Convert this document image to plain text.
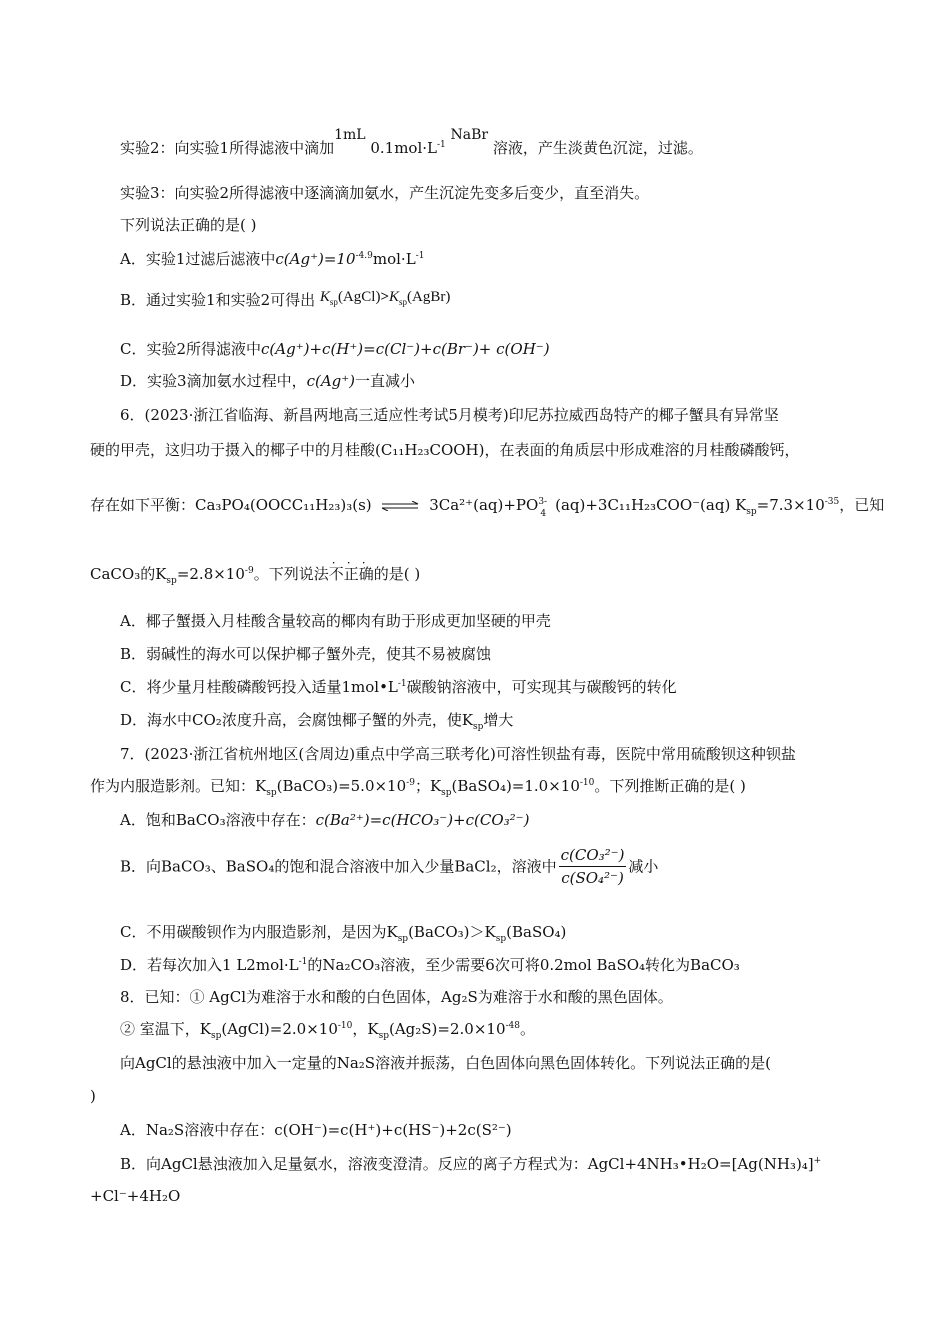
实验2：向实验1所得滤液中滴加1mL $0.1mol\cdot L^{-1}$ NaBr 溶液，产生淡黄色沉淀，过滤。
实验3：向实验2所得滤液中逐滴滴加氨水，产生沉淀先变多后变少，直至消失。
下列说法正确的是( )
A．实验1过滤后滤液中$c(Ag^+)=10^{-4.9}mol\cdot L^{-1}$
B．通过实验1和实验2可得出 $K_{sp}(AgCl)>K_{sp}(AgBr)$
C．实验2所得滤液中c(Ag⁺)+c(H⁺)=c(Cl⁻)+c(Br⁻)+ c(OH⁻)
D．实验3滴加氨水过程中，c(Ag⁺)一直减小
6．(2023·浙江省临海、新昌两地高三适应性考试5月模考)印尼苏拉威西岛特产的椰子蟹具有异常坚
硬的甲壳，这归功于摄入的椰子中的月桂酸(C₁₁H₂₃COOH)，在表面的角质层中形成难溶的月桂酸磷酸钙，
存在如下平衡：Ca₃PO₄(OOCC₁₁H₂₃)₃(s) ⇌ 3Ca²⁺(aq)+PO 3-
4 (aq)+3C₁₁H₂₃COO⁻(aq) $K_{sp}=7.3\times 10^{-35}$，已知
CaCO₃的$K_{sp}=2.8\times 10^{-9}$。下列说法不正确的是( )
A．椰子蟹摄入月桂酸含量较高的椰肉有助于形成更加坚硬的甲壳
B．弱碱性的海水可以保护椰子蟹外壳，使其不易被腐蚀
C．将少量月桂酸磷酸钙投入适量$1mol•L^{-1}$碳酸钠溶液中，可实现其与碳酸钙的转化
D．海水中CO₂浓度升高，会腐蚀椰子蟹的外壳，使$K_{sp}$增大
7．(2023·浙江省杭州地区(含周边)重点中学高三联考化)可溶性钡盐有毒，医院中常用硫酸钡这种钡盐
作为内服造影剂。已知：$K_{sp}(BaCO_3)=5.0\times 10^{-9}$；$K_{sp}(BaSO_4)=1.0\times 10^{-10}$。下列推断正确的是( )
A．饱和BaCO₃溶液中存在：c(Ba²⁺)=c(HCO₃⁻)+c(CO₃²⁻)
B．向BaCO₃、BaSO₄的饱和混合溶液中加入少量BaCl₂，溶液中 $\frac{\text{c(CO₃²⁻)}}{\text{c(SO₄²⁻)}}$ 减小
C．不用碳酸钡作为内服造影剂，是因为$K_{sp}(BaCO_3)>K_{sp}(BaSO_4)$
D．若每次加入1 $L2mol\cdot L^{-1}$的Na₂CO₃溶液，至少需要6次可将0.2mol BaSO₄转化为BaCO₃
8．已知：① AgCl为难溶于水和酸的白色固体，Ag₂S为难溶于水和酸的黑色固体。
② 室温下，$K_{sp}(AgCl)=2.0\times 10^{-10}$，$K_{sp}(Ag_2S)=2.0\times 10^{-48}$。
向AgCl的悬浊液中加入一定量的Na₂S溶液并振荡，白色固体向黑色固体转化。下列说法正确的是(
)
A．Na₂S溶液中存在：c(OH⁻)=c(H⁺)+c(HS⁻)+2c(S²⁻)
B．向AgCl悬浊液加入足量氨水，溶液变澄清。反应的离子方程式为：AgCl+4NH₃•H₂O=[Ag(NH₃)₄]+
+Cl⁻+4H₂O
